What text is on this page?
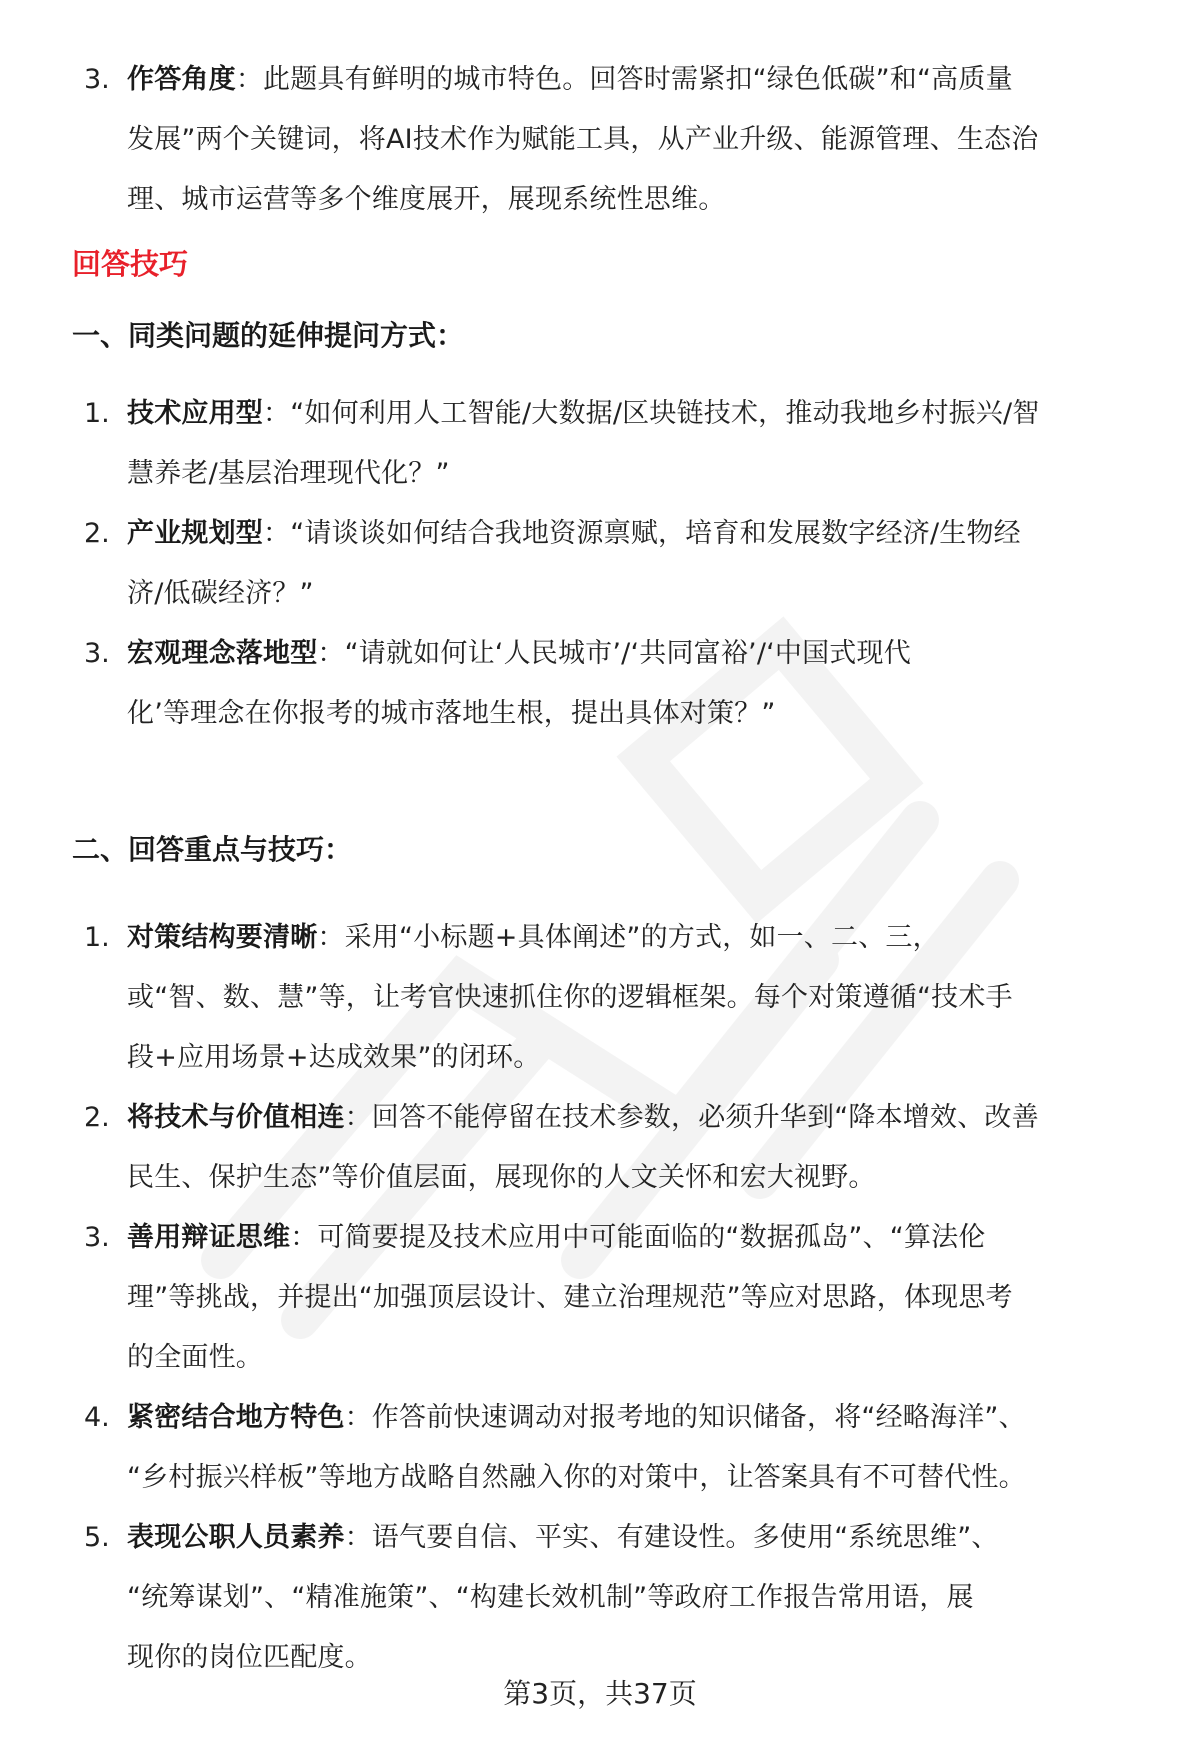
3. 作答角度：此题具有鲜明的城市特色。回答时需紧扣“绿色低碳”和“高质量
发展”两个关键词，将AI技术作为赋能工具，从产业升级、能源管理、生态治
理、城市运营等多个维度展开，展现系统性思维。
回答技巧
一、同类问题的延伸提问方式：
1. 技术应用型：“如何利用人工智能/大数据/区块链技术，推动我地乡村振兴/智
慧养老/基层治理现代化？”
2. 产业规划型：“请谈谈如何结合我地资源禀赋，培育和发展数字经济/生物经
济/低碳经济？”
3. 宏观理念落地型：“请就如何让‘人民城市’/‘共同富裕’/‘中国式现代
化’等理念在你报考的城市落地生根，提出具体对策？”
二、回答重点与技巧：
1. 对策结构要清晰：采用“小标题+具体阐述”的方式，如一、二、三，
或“智、数、慧”等，让考官快速抓住你的逻辑框架。每个对策遵循“技术手
段+应用场景+达成效果”的闭环。
2. 将技术与价值相连：回答不能停留在技术参数，必须升华到“降本增效、改善
民生、保护生态”等价值层面，展现你的人文关怀和宏大视野。
3. 善用辩证思维：可简要提及技术应用中可能面临的“数据孤岛”、“算法伦
理”等挑战，并提出“加强顶层设计、建立治理规范”等应对思路，体现思考
的全面性。
4. 紧密结合地方特色：作答前快速调动对报考地的知识储备，将“经略海洋”、
“乡村振兴样板”等地方战略自然融入你的对策中，让答案具有不可替代性。
5. 表现公职人员素养：语气要自信、平实、有建设性。多使用“系统思维”、
“统筹谋划”、“精准施策”、“构建长效机制”等政府工作报告常用语，展
现你的岗位匹配度。
第3页，共37页
